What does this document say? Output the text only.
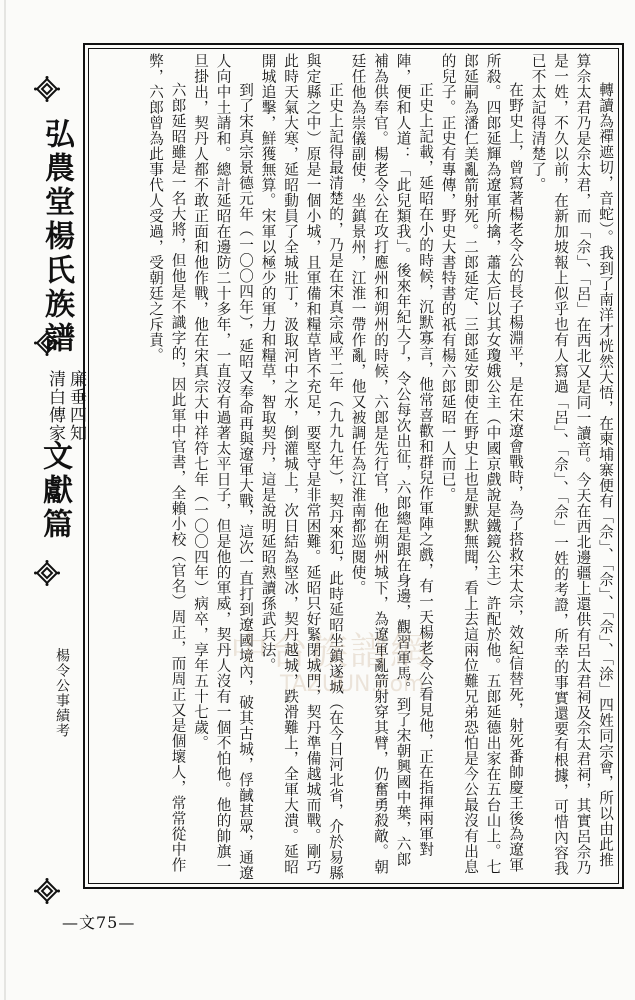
弘農堂楊氏族譜
廉垂四知
清白傳家
文獻篇
楊令公事績考	轉讀為禪遮切，音蛇）。我到了南洋才恍然大悟，在柬埔寨便有「佘」、「佘」、「佘」、「涂」四姓同宗會，所以由此推算佘太君乃是佘太君，而「佘」、「呂」在西北又是同一讀音。今天在西北邊疆上還供有呂太君祠及佘太君祠，其實呂佘乃是一姓，不久以前，在新加坡報上似乎也有人寫過「呂」、「佘」、「佘」一姓的考證，所幸的事實還要有根據，可惜內容我已不太記得清楚了。

在野史上，曾寫著楊老令公的長子楊淵平，是在宋遼會戰時，為了搭救宋太宗，效紀信替死，射死番帥慶王後為遼軍所殺。四郎延輝為遼軍所擒，蕭太后以其女瓊娥公主（中國京戲說是鐵鏡公主）許配於他。五郎延德出家在五台山上。七郎延嗣為潘仁美亂箭射死。二郎延定、三郎延安即使在野史上也是默默無聞，看上去這兩位難兄弟恐怕是今公最沒有出息的兒子。正史有專傳，野史大書特書的祇有楊六郎延昭一人而已。

正史上記載，延昭在小的時候，沉默寡言，他常喜歡和群兒作軍陣之戲，有一天楊老令公看見他，正在指揮兩軍對陣，便和人道：「此兒類我」。後來年紀大了，令公每次出征，六郎總是跟在身邊，觀習軍馬。到了宋朝興國中葉，六郎補為供奉官。楊老令公在攻打應州和朔州的時候，六郎是先行官，他在朔州城下，為遼軍亂箭射穿其臂，仍奮勇殺敵。朝廷任他為崇儀副使，坐鎮景州，江淮一帶作亂，他又被調任為江淮南都巡閱使。

正史上記得最清楚的，乃是在宋真宗咸平二年（九九九年），契丹來犯，此時延昭坐鎮遂城（在今日河北省，介於易縣與定縣之中）原是一個小城，且軍備和糧草皆不充足，要堅守是非常困難。延昭只好緊閉城門，契丹準備越城而戰。剛巧此時天氣大寒，延昭動員了全城壯丁，汲取河中之水，倒灌城上，次日結為堅冰，契丹越城，跌滑難上，全軍大潰。延昭開城追擊，鮮獲無算。宋軍以極少的軍力和糧草，智取契丹，這是說明延昭熟讀孫武兵法。

到了宋真宗景德元年（一〇〇四年），延昭又奉命再與遼軍大戰，這次一直打到遼國境內，破其古城，俘馘甚眾，通遼人向中土請和。總計延昭在邊防二十多年，一直沒有過著太平日子，但是他的軍威，契丹人沒有一個不怕他。他的帥旗一旦掛出，契丹人都不敢正面和他作戰，他在宋真宗大中祥符七年（一〇〇四年）病卒，享年五十七歲。

六郎延昭雖是一名大將，但他是不識字的，因此軍中官書，全賴小校（官名）周正，而周正又是個壞人，常常從中作弊，六郎曾為此事代人受過，受朝廷之斥責。

中台族譜網
TAZUUN.com
—文75—
